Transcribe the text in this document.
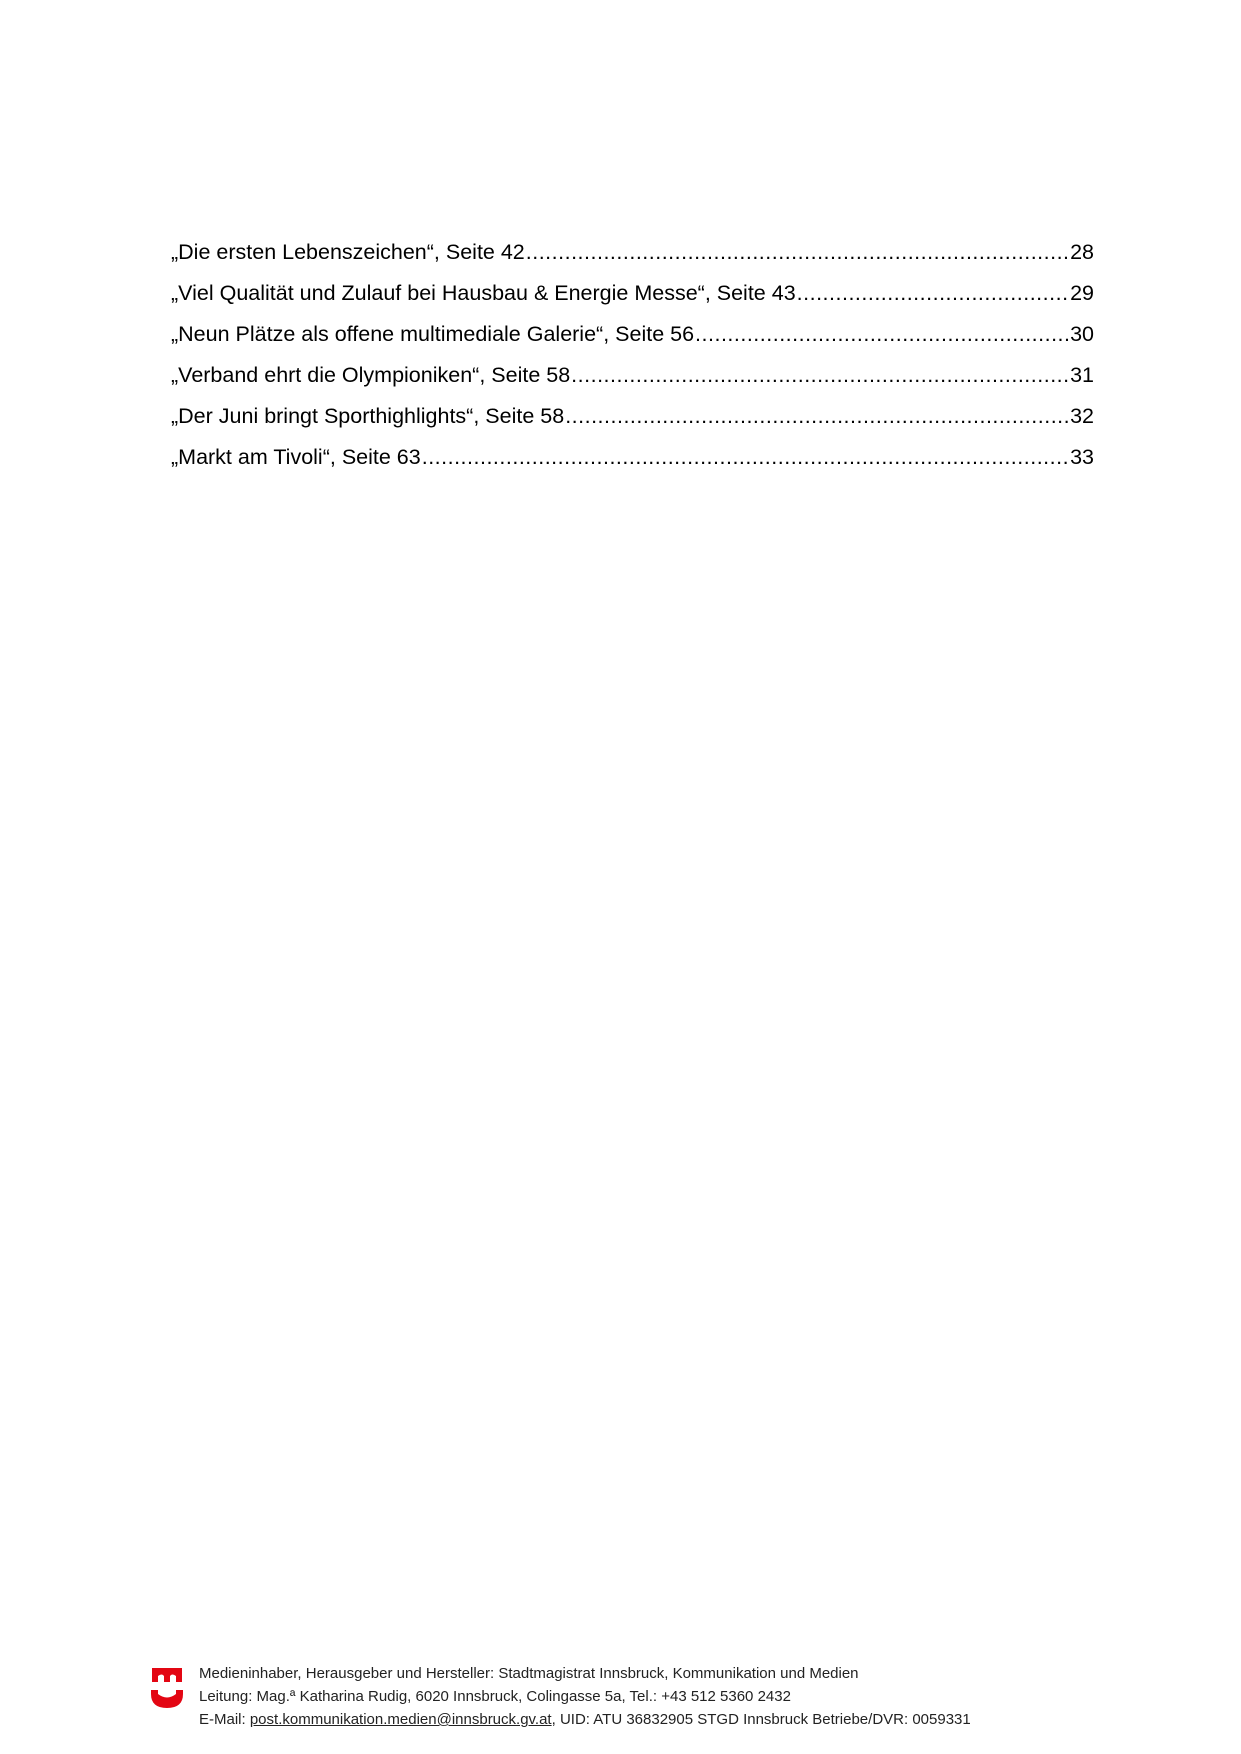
„Die ersten Lebenszeichen“, Seite 42 .....	28
„Viel Qualität und Zulauf bei Hausbau & Energie Messe“, Seite 43 .....	29
„Neun Plätze als offene multimediale Galerie“, Seite 56 .....	30
„Verband ehrt die Olympioniken“, Seite 58 .....	31
„Der Juni bringt Sporthighlights“, Seite 58 .....	32
„Markt am Tivoli“, Seite 63 .....	33
Medieninhaber, Herausgeber und Hersteller: Stadtmagistrat Innsbruck, Kommunikation und Medien
Leitung: Mag.ª Katharina Rudig, 6020 Innsbruck, Colingasse 5a, Tel.: +43 512 5360 2432
E-Mail: post.kommunikation.medien@innsbruck.gv.at, UID: ATU 36832905 STGD Innsbruck Betriebe/DVR: 0059331
